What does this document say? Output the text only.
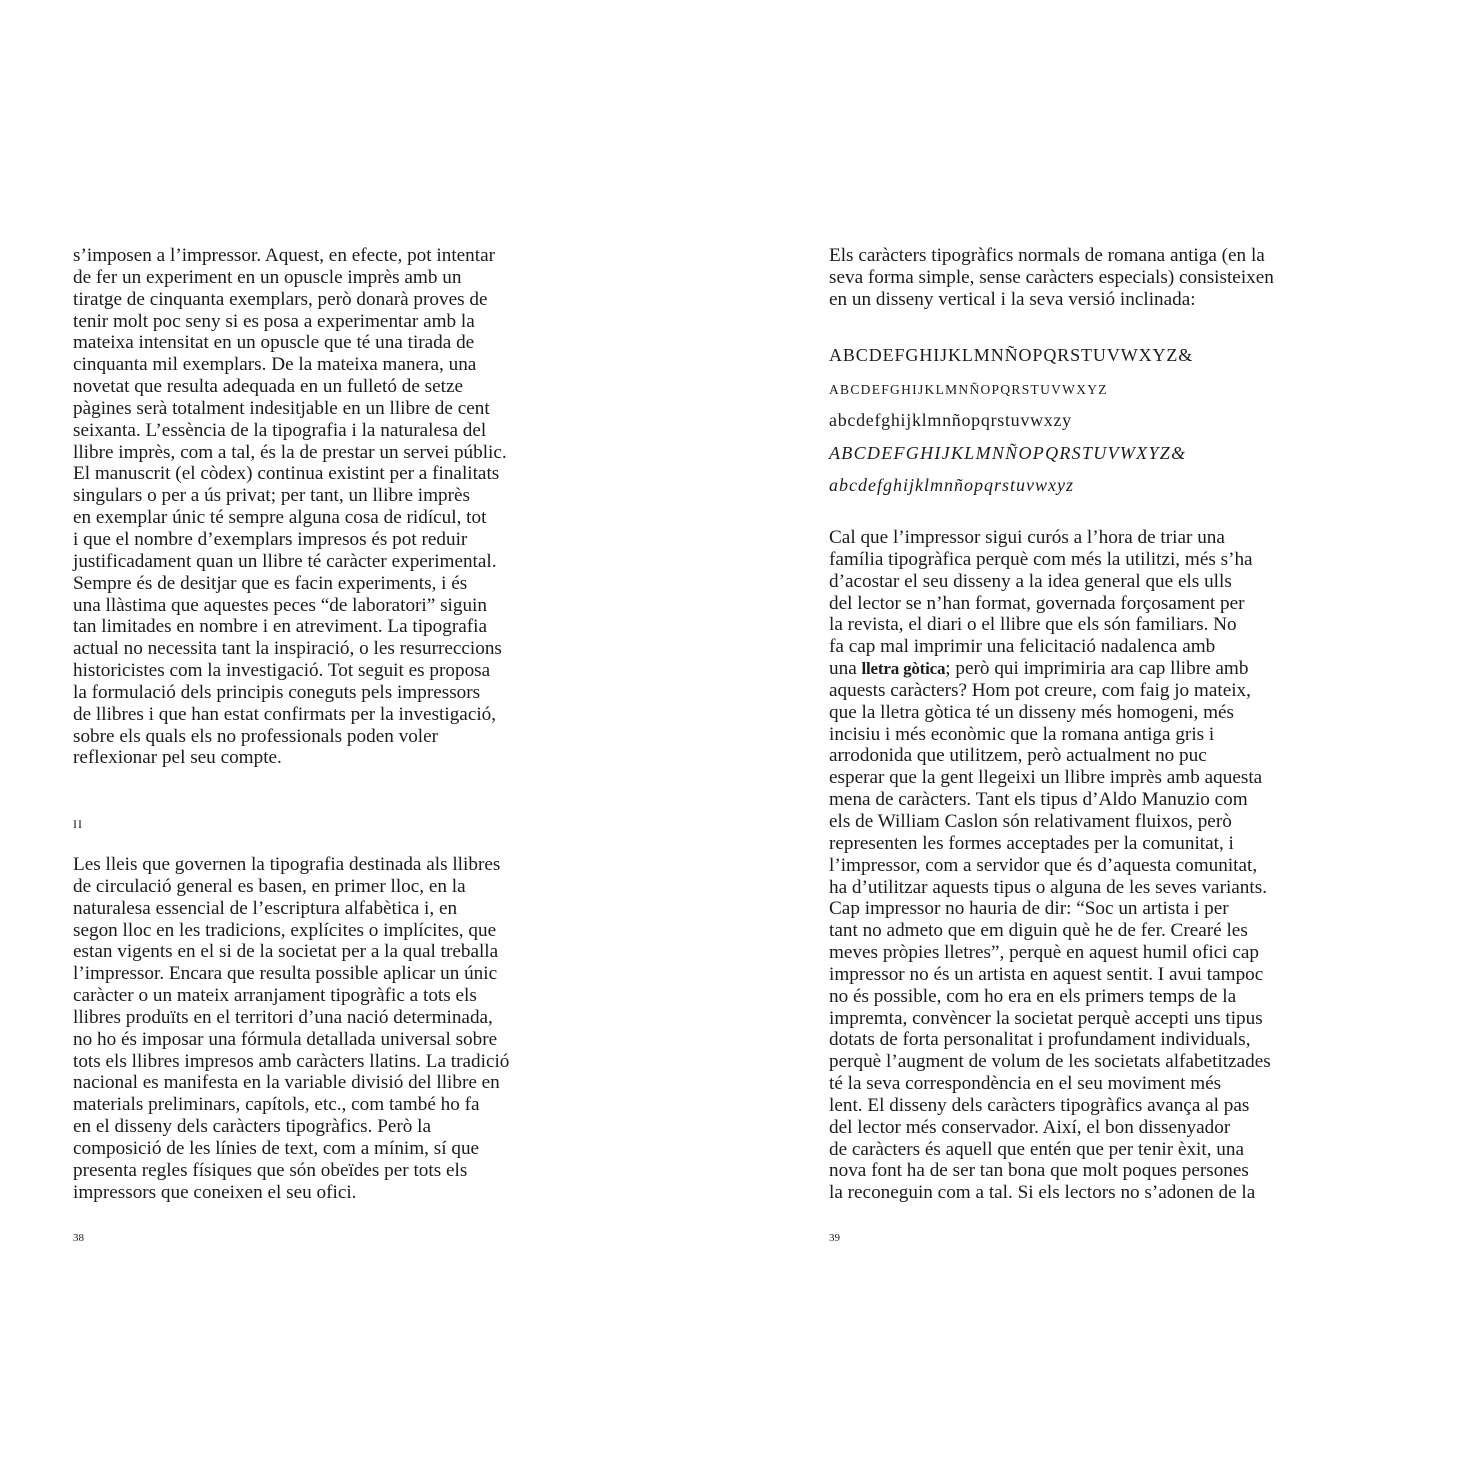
s’imposen a l’impressor. Aquest, en efecte, pot intentar
de fer un experiment en un opuscle imprès amb un
tiratge de cinquanta exemplars, però donarà proves de
tenir molt poc seny si es posa a experimentar amb la
mateixa intensitat en un opuscle que té una tirada de
cinquanta mil exemplars. De la mateixa manera, una
novetat que resulta adequada en un fulletó de setze
pàgines serà totalment indesitjable en un llibre de cent
seixanta. L’essència de la tipografia i la naturalesa del
llibre imprès, com a tal, és la de prestar un servei públic.
El manuscrit (el còdex) continua existint per a finalitats
singulars o per a ús privat; per tant, un llibre imprès
en exemplar únic té sempre alguna cosa de ridícul, tot
i que el nombre d’exemplars impresos és pot reduir
justificadament quan un llibre té caràcter experimental.
Sempre és de desitjar que es facin experiments, i és
una llàstima que aquestes peces “de laboratori” siguin
tan limitades en nombre i en atreviment. La tipografia
actual no necessita tant la inspiració, o les resurreccions
historicistes com la investigació. Tot seguit es proposa
la formulació dels principis coneguts pels impressors
de llibres i que han estat confirmats per la investigació,
sobre els quals els no professionals poden voler
reflexionar pel seu compte.
II
Les lleis que governen la tipografia destinada als llibres
de circulació general es basen, en primer lloc, en la
naturalesa essencial de l’escriptura alfabètica i, en
segon lloc en les tradicions, explícites o implícites, que
estan vigents en el si de la societat per a la qual treballa
l’impressor. Encara que resulta possible aplicar un únic
caràcter o un mateix arranjament tipogràfic a tots els
llibres produïts en el territori d’una nació determinada,
no ho és imposar una fórmula detallada universal sobre
tots els llibres impresos amb caràcters llatins. La tradició
nacional es manifesta en la variable divisió del llibre en
materials preliminars, capítols, etc., com també ho fa
en el disseny dels caràcters tipogràfics. Però la
composició de les línies de text, com a mínim, sí que
presenta regles físiques que són obeïdes per tots els
impressors que coneixen el seu ofici.
38
Els caràcters tipogràfics normals de romana antiga (en la
seva forma simple, sense caràcters especials) consisteixen
en un disseny vertical i la seva versió inclinada:
ABCDEFGHIJKLMNÑOPQRSTUVWXYZ&
ABCDEFGHIJKLMNÑOPQRSTUVWXYZ
abcdefghijklmnñopqrstuvwxzy
ABCDEFGHIJKLMNÑOPQRSTUVWXYZ&
abcdefghijklmnñopqrstuvwxyz
Cal que l’impressor sigui curós a l’hora de triar una
família tipogràfica perquè com més la utilitzi, més s’ha
d’acostar el seu disseny a la idea general que els ulls
del lector se n’han format, governada forçosament per
la revista, el diari o el llibre que els són familiars. No
fa cap mal imprimir una felicitació nadalenca amb
una lletra gòtica; però qui imprimiria ara cap llibre amb
aquests caràcters? Hom pot creure, com faig jo mateix,
que la lletra gòtica té un disseny més homogeni, més
incisiu i més econòmic que la romana antiga gris i
arrodonida que utilitzem, però actualment no puc
esperar que la gent llegeixi un llibre imprès amb aquesta
mena de caràcters. Tant els tipus d’Aldo Manuzio com
els de William Caslon són relativament fluixos, però
representen les formes acceptades per la comunitat, i
l’impressor, com a servidor que és d’aquesta comunitat,
ha d’utilitzar aquests tipus o alguna de les seves variants.
Cap impressor no hauria de dir: “Soc un artista i per
tant no admeto que em diguin què he de fer. Crearé les
meves pròpies lletres”, perquè en aquest humil ofici cap
impressor no és un artista en aquest sentit. I avui tampoc
no és possible, com ho era en els primers temps de la
impremta, convèncer la societat perquè accepti uns tipus
dotats de forta personalitat i profundament individuals,
perquè l’augment de volum de les societats alfabetitzades
té la seva correspondència en el seu moviment més
lent. El disseny dels caràcters tipogràfics avança al pas
del lector més conservador. Així, el bon dissenyador
de caràcters és aquell que entén que per tenir èxit, una
nova font ha de ser tan bona que molt poques persones
la reconeguin com a tal. Si els lectors no s’adonen de la
39
